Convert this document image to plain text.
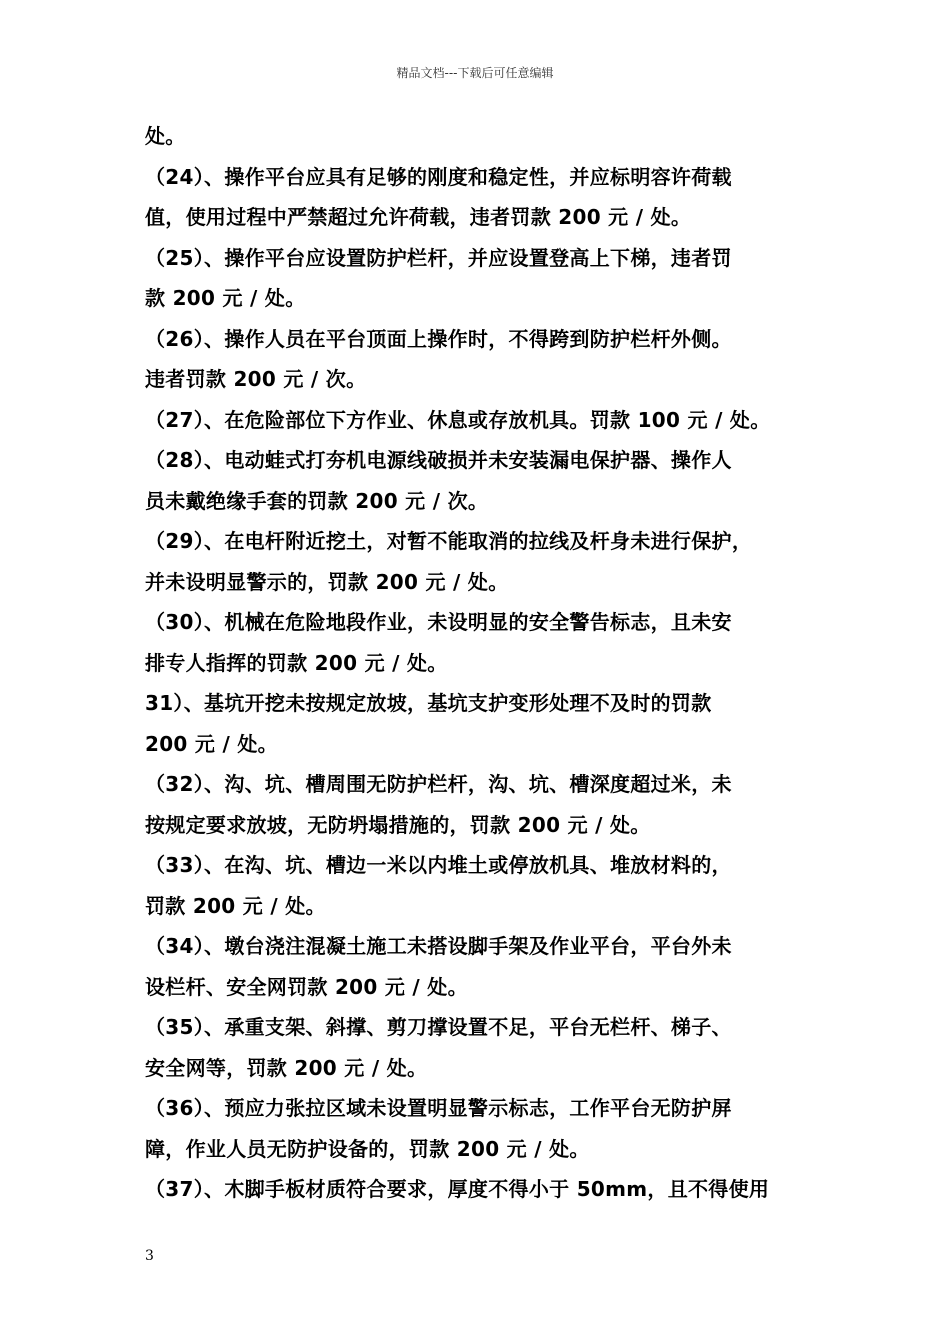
精品文档---下载后可任意编辑
处。
（24）、操作平台应具有足够的刚度和稳定性，并应标明容许荷载
值，使用过程中严禁超过允许荷载，违者罚款 200 元 / 处。
（25）、操作平台应设置防护栏杆，并应设置登高上下梯，违者罚
款 200 元 / 处。
（26）、操作人员在平台顶面上操作时，不得跨到防护栏杆外侧。
违者罚款 200 元 / 次。
（27）、在危险部位下方作业、休息或存放机具。罚款 100 元 / 处。
（28）、电动蛙式打夯机电源线破损并未安装漏电保护器、操作人
员未戴绝缘手套的罚款 200 元 / 次。
（29）、在电杆附近挖土，对暂不能取消的拉线及杆身未进行保护，
并未设明显警示的，罚款 200 元 / 处。
（30）、机械在危险地段作业，未设明显的安全警告标志，且未安
排专人指挥的罚款 200 元 / 处。
31）、基坑开挖未按规定放坡，基坑支护变形处理不及时的罚款
200 元 / 处。
（32）、沟、坑、槽周围无防护栏杆，沟、坑、槽深度超过米，未
按规定要求放坡，无防坍塌措施的，罚款 200 元 / 处。
（33）、在沟、坑、槽边一米以内堆土或停放机具、堆放材料的，
罚款 200 元 / 处。
（34）、墩台浇注混凝土施工未搭设脚手架及作业平台，平台外未
设栏杆、安全网罚款 200 元 / 处。
（35）、承重支架、斜撑、剪刀撑设置不足，平台无栏杆、梯子、
安全网等，罚款 200 元 / 处。
（36）、预应力张拉区域未设置明显警示标志，工作平台无防护屏
障，作业人员无防护设备的，罚款 200 元 / 处。
（37）、木脚手板材质符合要求，厚度不得小于 50mm，且不得使用
3
